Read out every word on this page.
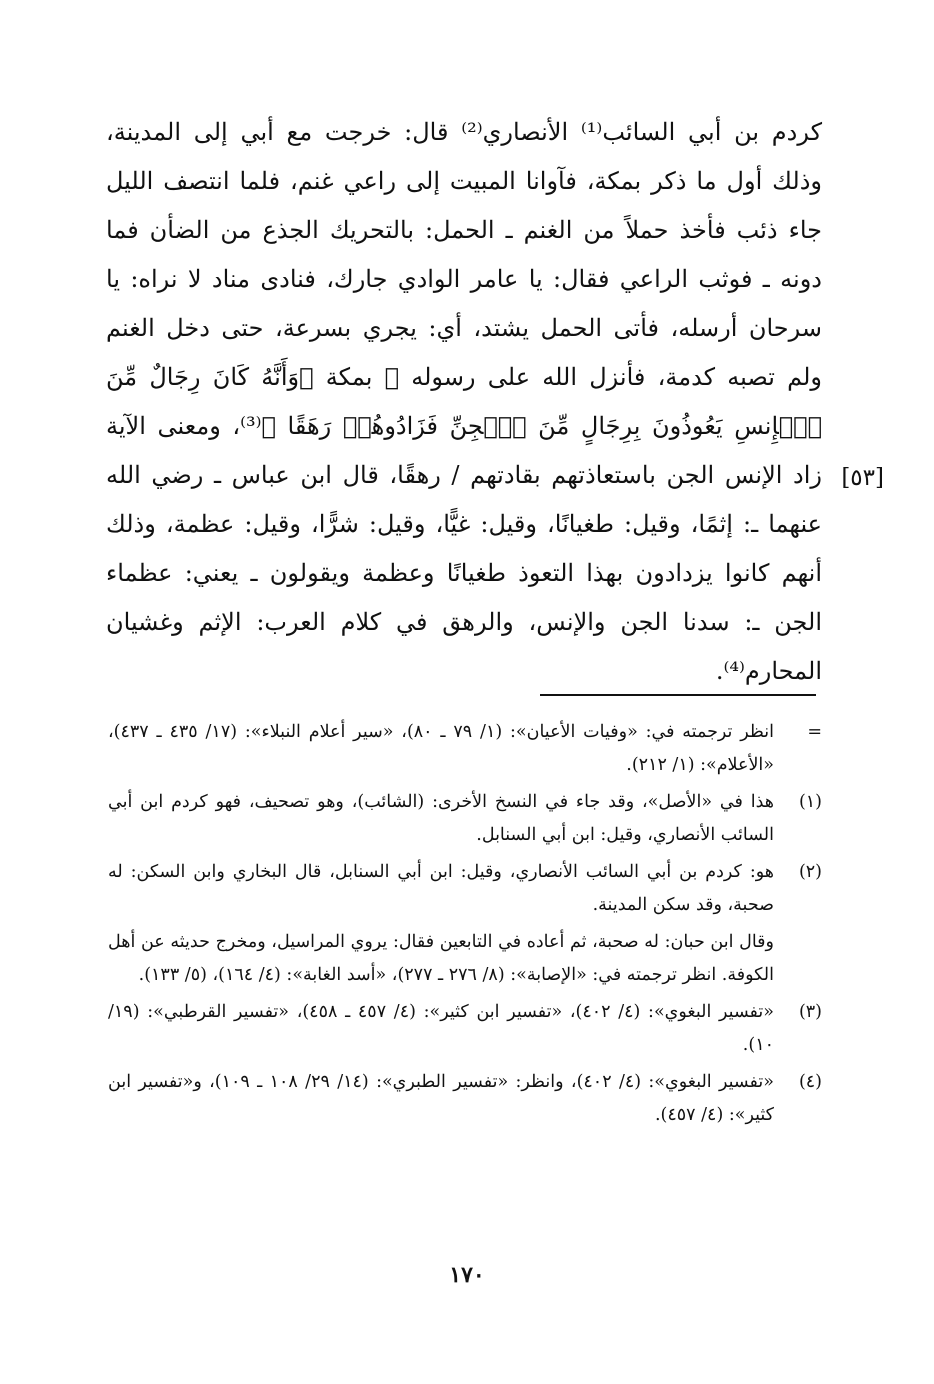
كردم بن أبي السائب⁽¹⁾ الأنصاري⁽²⁾ قال: خرجت مع أبي إلى المدينة، وذلك أول ما ذكر بمكة، فآوانا المبيت إلى راعي غنم، فلما انتصف الليل جاء ذئب فأخذ حملاً من الغنم ـ الحمل: بالتحريك الجذع من الضأن فما دونه ـ فوثب الراعي فقال: يا عامر الوادي جارك، فنادى مناد لا نراه: يا سرحان أرسله، فأتى الحمل يشتد، أي: يجري بسرعة، حتى دخل الغنم ولم تصبه كدمة، فأنزل الله على رسوله ﷺ بمكة ﴿وَأَنَّهُ كَانَ رِجَالٌ مِّنَ ٱلۡإِنسِ يَعُوذُونَ بِرِجَالٍ مِّنَ ٱلۡجِنِّ فَزَادُوهُمۡ رَهَقًا ﴾⁽³⁾، ومعنى الآية زاد الإنس الجن باستعاذتهم بقادتهم / رهقًا، قال ابن عباس ـ رضي الله عنهما ـ: إثمًا، وقيل: طغيانًا، وقيل: غيًّا، وقيل: شرًّا، وقيل: عظمة، وذلك أنهم كانوا يزدادون بهذا التعوذ طغيانًا وعظمة ويقولون ـ يعني: عظماء الجن ـ: سدنا الجن والإنس، والرهق في كلام العرب: الإثم وغشيان المحارم⁽⁴⁾.

[٥٣]
=

انظر ترجمته في: «وفيات الأعيان»: (١/ ٧٩ ـ ٨٠)، «سير أعلام النبلاء»: (١٧/ ٤٣٥ ـ ٤٣٧)، «الأعلام»: (١/ ٢١٢).

(١)

هذا في «الأصل»، وقد جاء في النسخ الأخرى: (الشائب)، وهو تصحيف، فهو كردم ابن أبي السائب الأنصاري، وقيل: ابن أبي السنابل.

(٢)

هو: كردم بن أبي السائب الأنصاري، وقيل: ابن أبي السنابل، قال البخاري وابن السكن: له صحبة، وقد سكن المدينة.

وقال ابن حبان: له صحبة، ثم أعاده في التابعين فقال: يروي المراسيل، ومخرج حديثه عن أهل الكوفة. انظر ترجمته في: «الإصابة»: (٨/ ٢٧٦ ـ ٢٧٧)، «أسد الغابة»: (٤/ ١٦٤)، (٥/ ١٣٣).

(٣)

«تفسير البغوي»: (٤/ ٤٠٢)، «تفسير ابن كثير»: (٤/ ٤٥٧ ـ ٤٥٨)، «تفسير القرطبي»: (١٩/ ١٠).

(٤)

«تفسير البغوي»: (٤/ ٤٠٢)، وانظر: «تفسير الطبري»: (١٤/ ٢٩/ ١٠٨ ـ ١٠٩)، و«تفسير ابن كثير»: (٤/ ٤٥٧).

١٧٠
